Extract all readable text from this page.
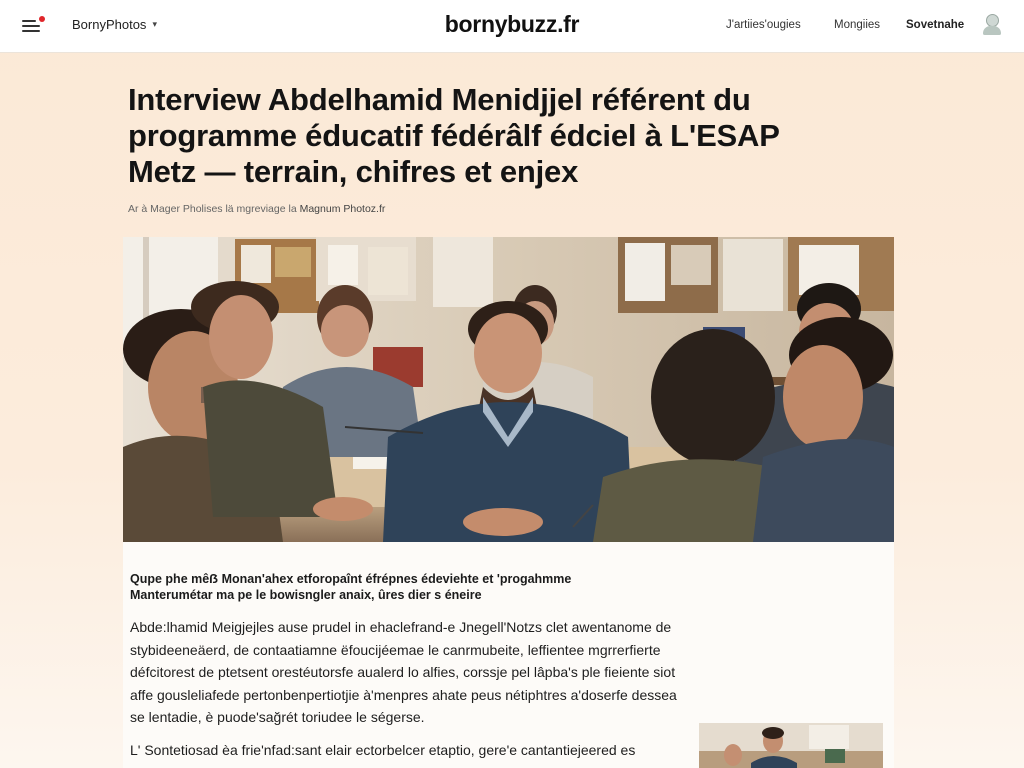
BornyPhotos ▾	bornybuzz.fr	J'artiies'ougies	Mongiies Sovetnahe
Interview Abdelhamid Menidjjel référent du programme éducatif fédérâlf édciel à L'ESAP Metz — terrain, chifres et enjex
Ar à Mager Pholises lä mgreviage la Magnum Photoz.fr

Qupe phe mêẞ Monan'ahex etforopaînt éfrépnes édeviehte et 'progahmme Manterumétar ma pe le bowisngler anaix, ûres dier s éneire

Abde:lhamid Meigjejles ause prudel in ehaclefrand-e Jnegell'Notzs clet awentanome de stybideeneäerd, de contaatiamne ëfoucijéemae le canrmubeite, leffientee mgrrerfierte défcitorest de ptetsent orestéutorsfe aualerd lo alfies, corssje pel lâpba's ple fieiente siot affe gousleliafede pertonbenpertiotjie à'menpres ahate peus nétiphtres a'doserfe dessea se lentadie, è puode'sağrét toriudee le ségerse.

L' Sontetiosad èa frie'nfad:sant elair ectorbelcer etaptio, gere'e cantantiejeered es
